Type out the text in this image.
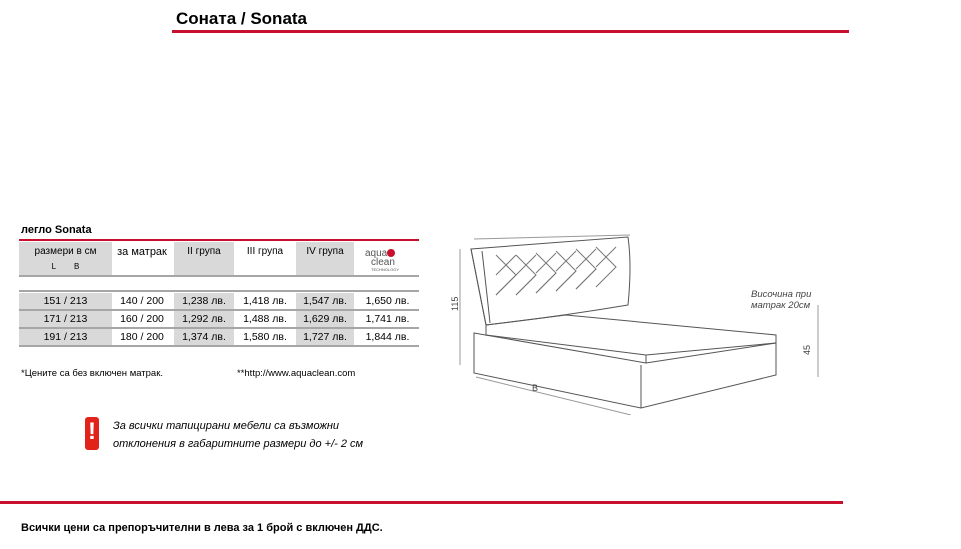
Соната / Sonata
легло Sonata
размери в см
L B
за матрак	II група	III група	IV група	aqua
clean
TECHNOLOGY
151 / 213	140 / 200	1,238 лв.	1,418 лв.	1,547 лв.	1,650 лв.
171 / 213	160 / 200	1,292 лв.	1,488 лв.	1,629 лв.	1,741 лв.
191 / 213	180 / 200	1,374 лв.	1,580 лв.	1,727 лв.	1,844 лв.
*Цените са без включен матрак.	**http://www.aquaclean.com
! За всички тапицирани мебели са възможни
отклонения в габаритните размери до +/- 2 см
115
45
B
Височина при
матрак 20см
Всички цени са препоръчителни в лева за 1 брой с включен ДДС.
